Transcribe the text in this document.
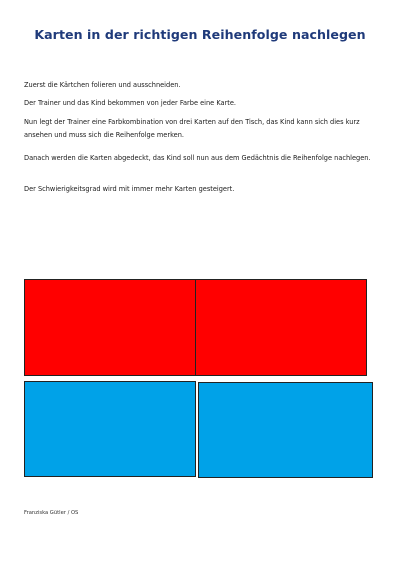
Karten in der richtigen Reihenfolge nachlegen
Zuerst die Kärtchen folieren und ausschneiden.
Der Trainer und das Kind bekommen von jeder Farbe eine Karte.
Nun legt der Trainer eine Farbkombination von drei Karten auf den Tisch, das Kind kann sich dies kurz ansehen und muss sich die Reihenfolge merken.
Danach werden die Karten abgedeckt, das Kind soll nun aus dem Gedächtnis die Reihenfolge nachlegen.
Der Schwierigkeitsgrad wird mit immer mehr Karten gesteigert.
Franziska Gütler / OS
